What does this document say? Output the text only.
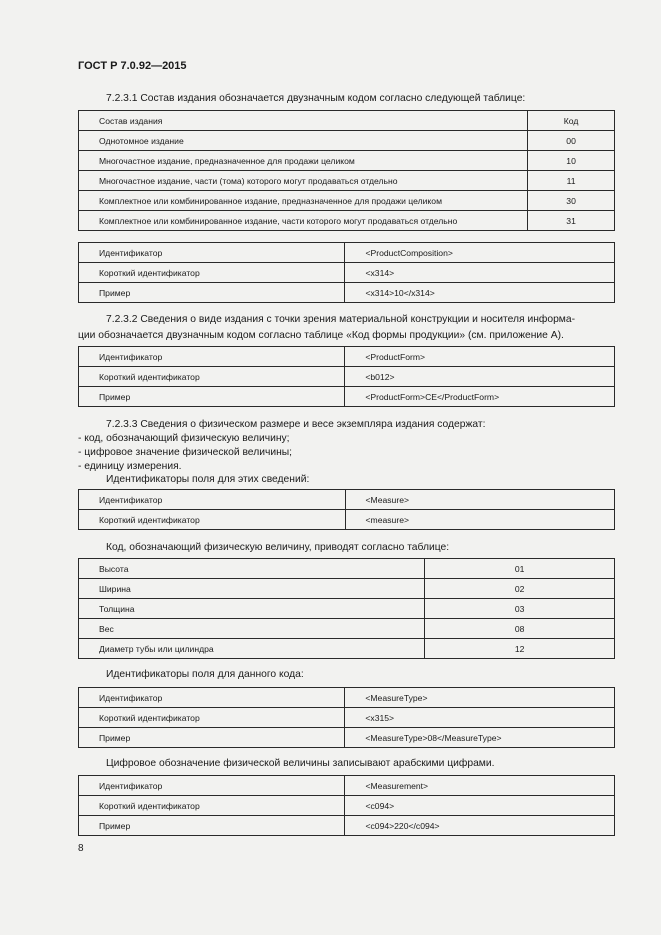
ГОСТ Р 7.0.92—2015

7.2.3.1 Состав издания обозначается двузначным кодом согласно следующей таблице:

Состав издания	Код
Однотомное издание	00
Многочастное издание, предназначенное для продажи целиком	10
Многочастное издание, части (тома) которого могут продаваться отдельно	11
Комплектное или комбинированное издание, предназначенное для продажи целиком	30
Комплектное или комбинированное издание, части которого могут продаваться отдельно	31
Идентификатор	<ProductComposition>
Короткий идентификатор	<x314>
Пример	<x314>10</x314>

7.2.3.2 Сведения о виде издания с точки зрения материальной конструкции и носителя информа-

ции обозначается двузначным кодом согласно таблице «Код формы продукции» (см. приложение А).

Идентификатор	<ProductForm>
Короткий идентификатор	<b012>
Пример	<ProductForm>CE</ProductForm>

7.2.3.3 Сведения о физическом размере и весе экземпляра издания содержат:

- код, обозначающий физическую величину;

- цифровое значение физической величины;

- единицу измерения.

Идентификаторы поля для этих сведений:

Идентификатор	<Measure>
Короткий идентификатор	<measure>

Код, обозначающий физическую величину, приводят согласно таблице:

Высота	01
Ширина	02
Толщина	03
Вес	08
Диаметр тубы или цилиндра	12

Идентификаторы поля для данного кода:

Идентификатор	<MeasureType>
Короткий идентификатор	<x315>
Пример	<MeasureType>08</MeasureType>

Цифровое обозначение физической величины записывают арабскими цифрами.

Идентификатор	<Measurement>
Короткий идентификатор	<c094>
Пример	<c094>220</c094>
8
